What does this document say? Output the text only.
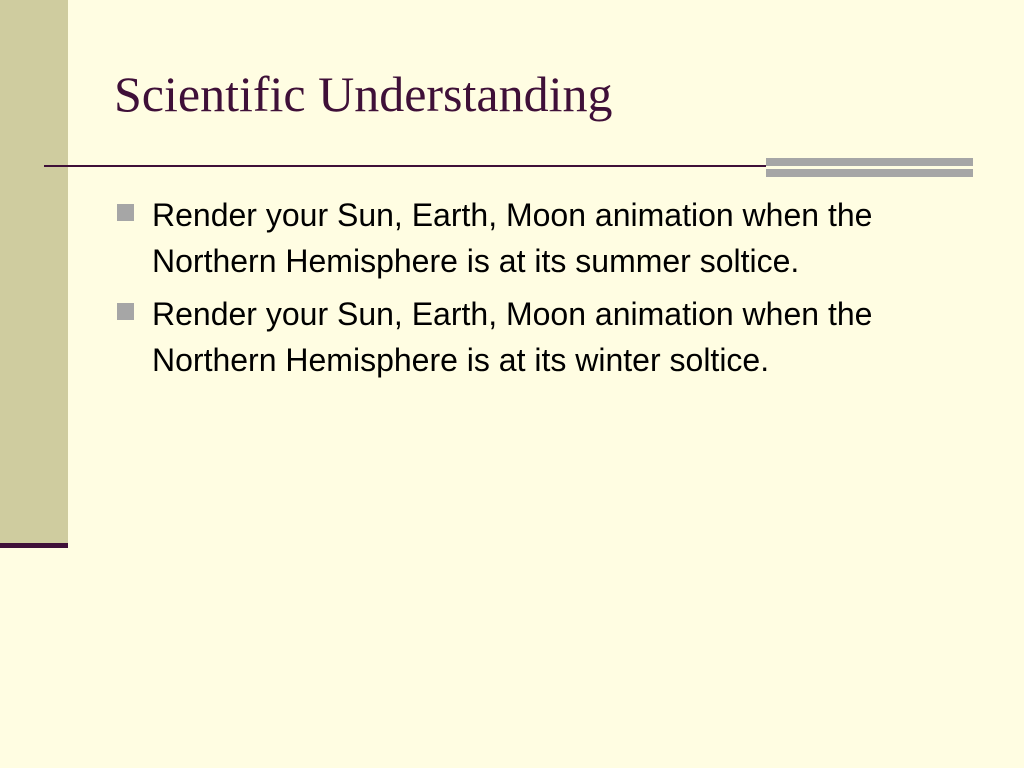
Scientific Understanding
Render your Sun, Earth, Moon animation when the Northern Hemisphere is at its summer soltice.
Render your Sun, Earth, Moon animation when the Northern Hemisphere is at its winter soltice.
